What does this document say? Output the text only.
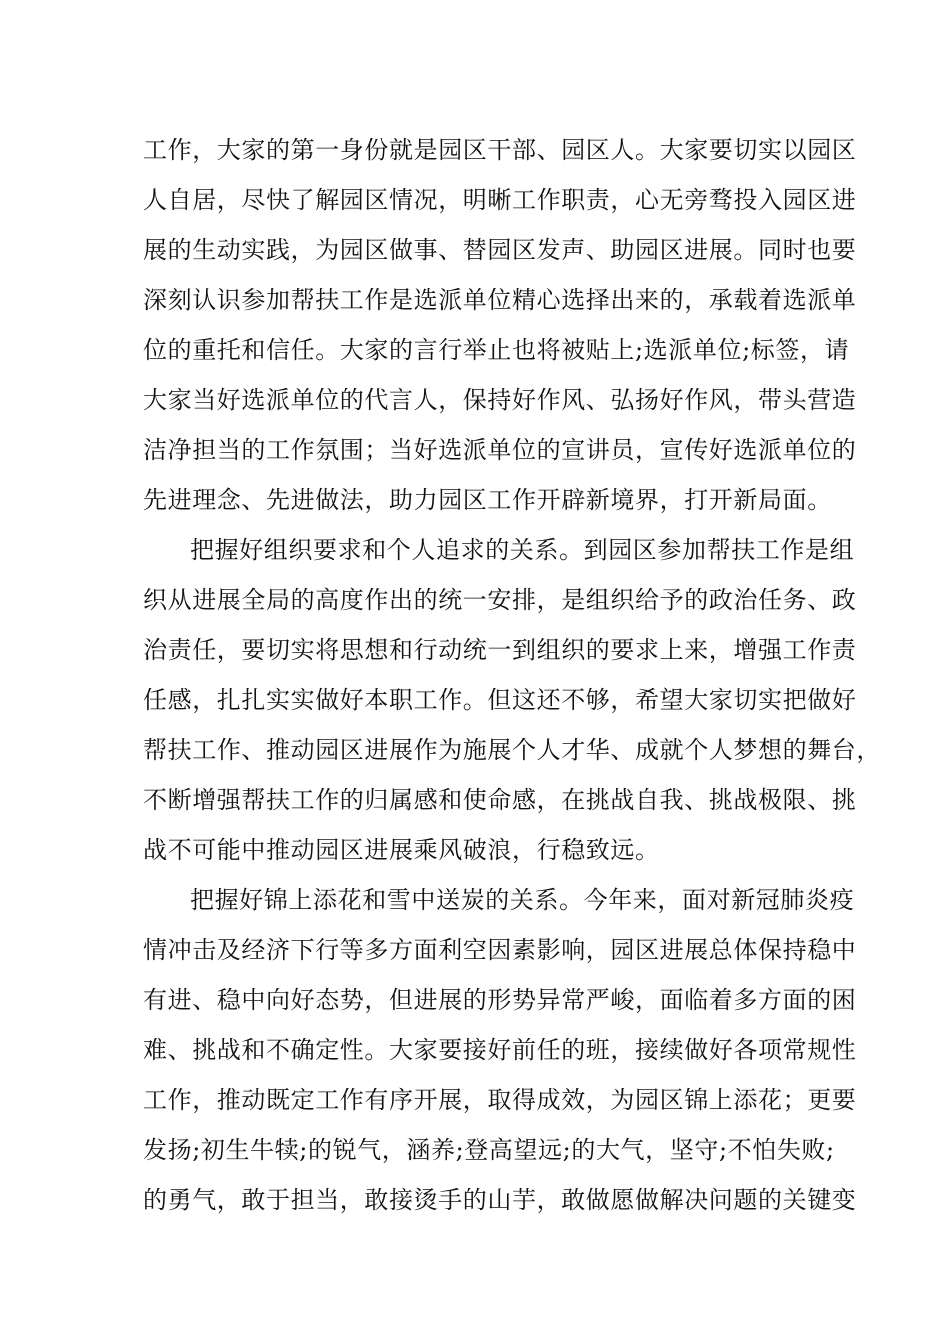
工作，大家的第一身份就是园区干部、园区人。大家要切实以园区
人自居，尽快了解园区情况，明晰工作职责，心无旁骛投入园区进
展的生动实践，为园区做事、替园区发声、助园区进展。同时也要
深刻认识参加帮扶工作是选派单位精心选择出来的，承载着选派单
位的重托和信任。大家的言行举止也将被贴上;选派单位;标签，请
大家当好选派单位的代言人，保持好作风、弘扬好作风，带头营造
洁净担当的工作氛围；当好选派单位的宣讲员，宣传好选派单位的
先进理念、先进做法，助力园区工作开辟新境界，打开新局面。
把握好组织要求和个人追求的关系。到园区参加帮扶工作是组
织从进展全局的高度作出的统一安排，是组织给予的政治任务、政
治责任，要切实将思想和行动统一到组织的要求上来，增强工作责
任感，扎扎实实做好本职工作。但这还不够，希望大家切实把做好
帮扶工作、推动园区进展作为施展个人才华、成就个人梦想的舞台，
不断增强帮扶工作的归属感和使命感，在挑战自我、挑战极限、挑
战不可能中推动园区进展乘风破浪，行稳致远。
把握好锦上添花和雪中送炭的关系。今年来，面对新冠肺炎疫
情冲击及经济下行等多方面利空因素影响，园区进展总体保持稳中
有进、稳中向好态势，但进展的形势异常严峻，面临着多方面的困
难、挑战和不确定性。大家要接好前任的班，接续做好各项常规性
工作，推动既定工作有序开展，取得成效，为园区锦上添花；更要
发扬;初生牛犊;的锐气，涵养;登高望远;的大气，坚守;不怕失败;
的勇气，敢于担当，敢接烫手的山芋，敢做愿做解决问题的关键变
